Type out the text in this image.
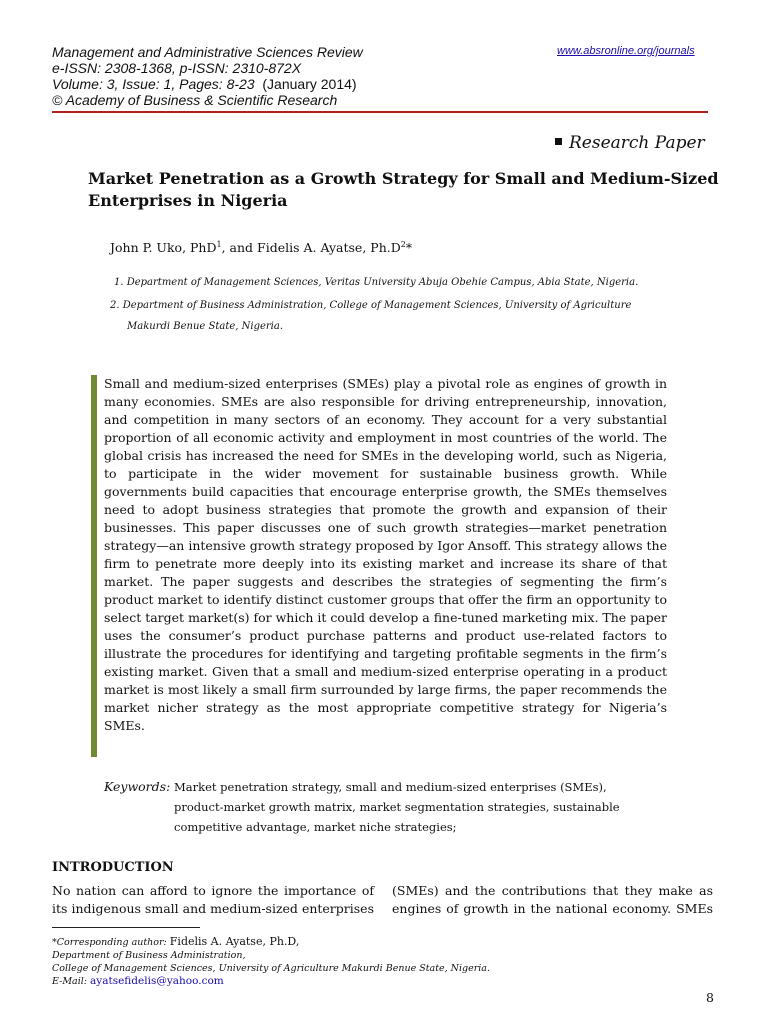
Management and Administrative Sciences Review
e-ISSN: 2308-1368, p-ISSN: 2310-872X
Volume: 3, Issue: 1, Pages: 8-23 (January 2014)
© Academy of Business & Scientific Research
www.absronline.org/journals
Research Paper
Market Penetration as a Growth Strategy for Small and Medium-Sized
Enterprises in Nigeria
John P. Uko, PhD$^1$, and Fidelis A. Ayatse, $Ph.D^2*$
1. Department of Management Sciences, Veritas University Abuja Obehie Campus, Abia State, Nigeria.
2. Department of Business Administration, College of Management Sciences, University of Agriculture
Makurdi Benue State, Nigeria.
Small and medium-sized enterprises (SMEs) play a pivotal role as engines of growth in many economies. SMEs are also responsible for driving entrepreneurship, innovation, and competition in many sectors of an economy. They account for a very substantial proportion of all economic activity and employment in most countries of the world. The global crisis has increased the need for SMEs in the developing world, such as Nigeria, to participate in the wider movement for sustainable business growth. While governments build capacities that encourage enterprise growth, the SMEs themselves need to adopt business strategies that promote the growth and expansion of their businesses. This paper discusses one of such growth strategies—market penetration strategy—an intensive growth strategy proposed by Igor Ansoff. This strategy allows the firm to penetrate more deeply into its existing market and increase its share of that market. The paper suggests and describes the strategies of segmenting the firm’s product market to identify distinct customer groups that offer the firm an opportunity to select target market(s) for which it could develop a fine-tuned marketing mix. The paper uses the consumer’s product purchase patterns and product use-related factors to illustrate the procedures for identifying and targeting profitable segments in the firm’s existing market. Given that a small and medium-sized enterprise operating in a product market is most likely a small firm surrounded by large firms, the paper recommends the market nicher strategy as the most appropriate competitive strategy for Nigeria’s SMEs.
Keywords: Market penetration strategy, small and medium-sized enterprises (SMEs),
product-market growth matrix, market segmentation strategies, sustainable
competitive advantage, market niche strategies;
INTRODUCTION
No nation can afford to ignore the importance of
its indigenous small and medium-sized enterprises
(SMEs) and the contributions that they make as
engines of growth in the national economy. SMEs
*Corresponding author: Fidelis A. Ayatse, Ph.D,
Department of Business Administration,
College of Management Sciences, University of Agriculture Makurdi Benue State, Nigeria.
E-Mail: ayatsefidelis@yahoo.com
8
